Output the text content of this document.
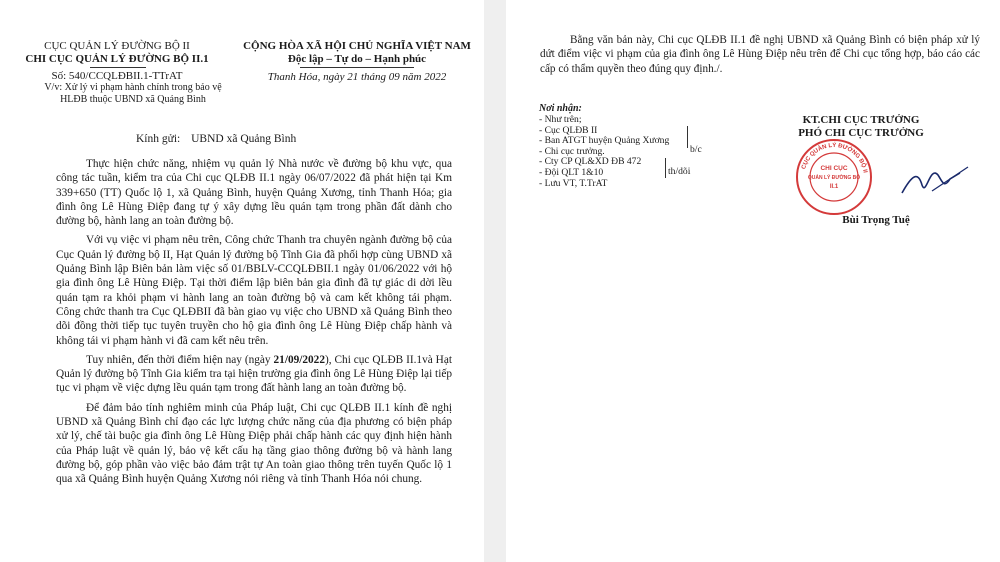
CỤC QUẢN LÝ ĐƯỜNG BỘ II
CHI CỤC QUẢN LÝ ĐƯỜNG BỘ II.1
Số: 540/CCQLĐBII.1-TTrAT
V/v: Xử lý vi phạm hành chính trong bảo vệ HLĐB thuộc UBND xã Quảng Bình
CỘNG HÒA XÃ HỘI CHỦ NGHĨA VIỆT NAM
Độc lập – Tự do – Hạnh phúc
Thanh Hóa, ngày 21 tháng 09 năm 2022
Kính gửi: UBND xã Quảng Bình

Thực hiện chức năng, nhiệm vụ quản lý Nhà nước về đường bộ khu vực, qua công tác tuần, kiểm tra của Chi cục QLĐB II.1 ngày 06/07/2022 đã phát hiện tại Km 339+650 (TT) Quốc lộ 1, xã Quảng Bình, huyện Quảng Xương, tỉnh Thanh Hóa; gia đình ông Lê Hùng Điệp đang tự ý xây dựng lều quán tạm trong phần đất dành cho đường bộ, hành lang an toàn đường bộ.

Với vụ việc vi phạm nêu trên, Công chức Thanh tra chuyên ngành đường bộ của Cục Quản lý đường bộ II, Hạt Quản lý đường bộ Tĩnh Gia đã phối hợp cùng UBND xã Quảng Bình lập Biên bản làm việc số 01/BBLV-CCQLĐBII.1 ngày 01/06/2022 với hộ gia đình ông Lê Hùng Điệp. Tại thời điểm lập biên bản gia đình đã tự giác di dời lều quán tạm ra khỏi phạm vi hành lang an toàn đường bộ và cam kết không tái phạm. Công chức thanh tra Cục QLĐBII đã bàn giao vụ việc cho UBND xã Quảng Bình theo dõi đồng thời tiếp tục tuyên truyền cho hộ gia đình ông Lê Hùng Điệp chấp hành và không tái vi phạm hành vi đã cam kết nêu trên.

Tuy nhiên, đến thời điểm hiện nay (ngày 21/09/2022), Chi cục QLĐB II.1và Hạt Quản lý đường bộ Tĩnh Gia kiểm tra tại hiện trường gia đình ông Lê Hùng Điệp lại tiếp tục vi phạm về việc dựng lều quán tạm trong đất hành lang an toàn đường bộ.

Để đảm bảo tính nghiêm minh của Pháp luật, Chi cục QLĐB II.1 kính đề nghị UBND xã Quảng Bình chỉ đạo các lực lượng chức năng của địa phương có biện pháp xử lý, chế tài buộc gia đình ông Lê Hùng Điệp phải chấp hành các quy định hiện hành của Pháp luật về quản lý, bảo vệ kết cấu hạ tầng giao thông đường bộ và hành lang đường bộ, góp phần vào việc bảo đảm trật tự An toàn giao thông trên tuyến Quốc lộ 1 qua xã Quảng Bình huyện Quảng Xương nói riêng và tỉnh Thanh Hóa nói chung.

Bằng văn bản này, Chi cục QLĐB II.1 đề nghị UBND xã Quảng Bình có biện pháp xử lý dứt điểm việc vi phạm của gia đình ông Lê Hùng Điệp nêu trên để Chi cục tổng hợp, báo cáo các cấp có thẩm quyền theo đúng quy định./.

Nơi nhận:
- Như trên;
- Cục QLĐB II
- Ban ATGT huyện Quảng Xương
- Chi cục trưởng.
- Cty CP QL&XD ĐB 472
- Đội QLT 1&10
- Lưu VT, T.TrAT
b/c
th/dõi
KT.CHI CỤC TRƯỞNG
PHÓ CHI CỤC TRƯỞNG
CỤC QUẢN LÝ ĐƯỜNG BỘ II
CHI CỤC
QUẢN LÝ ĐƯỜNG BỘ
II.1
Bùi Trọng Tuệ
